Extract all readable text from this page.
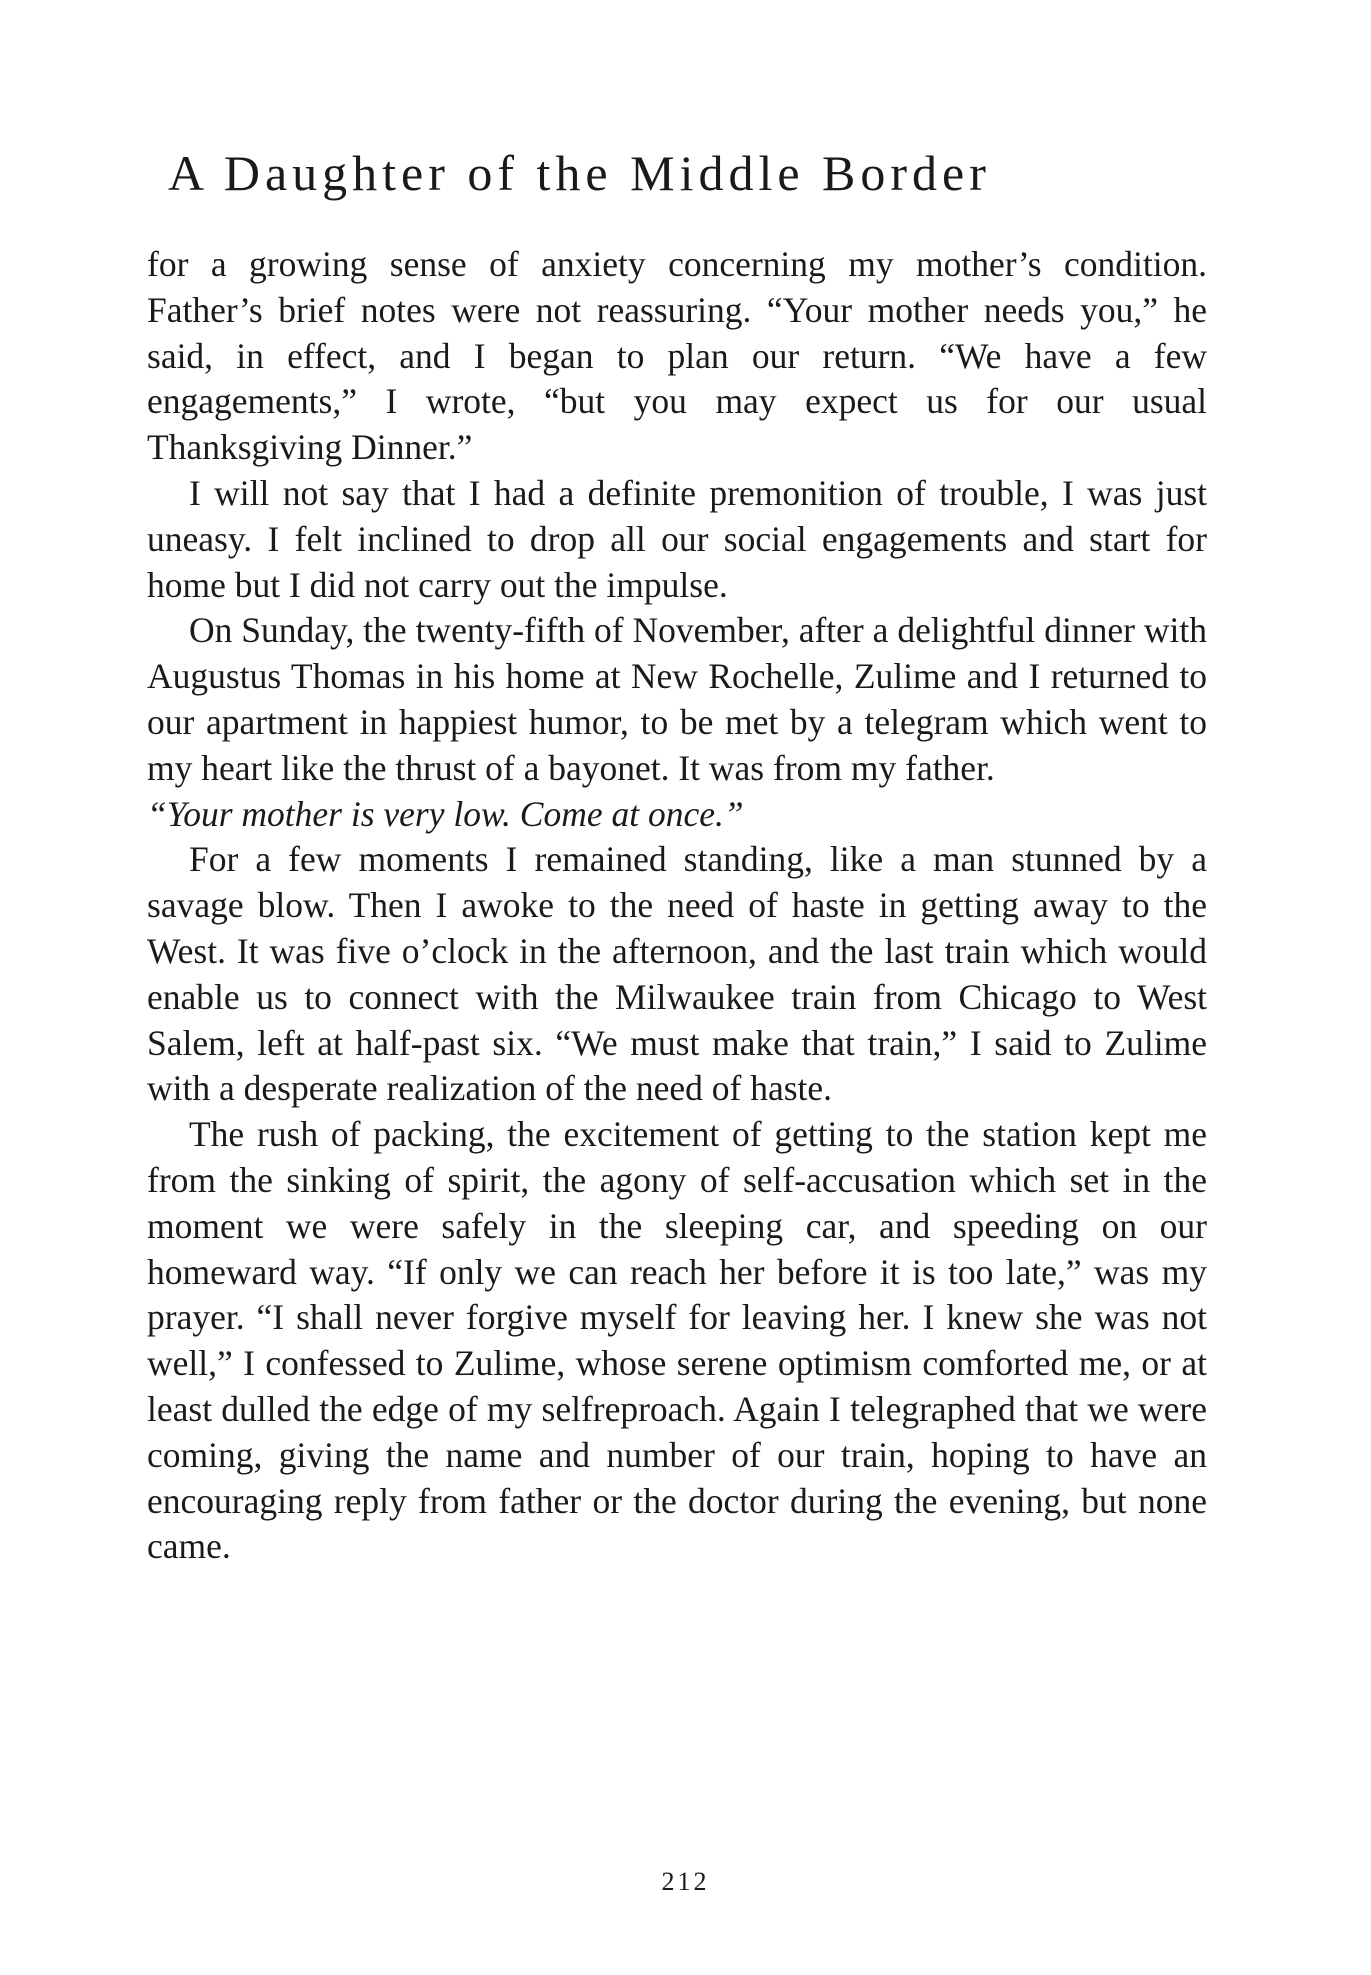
A Daughter of the Middle Border

for a growing sense of anxiety concerning my mother’s condition. Father’s brief notes were not reassuring. “Your mother needs you,” he said, in effect, and I began to plan our return. “We have a few engagements,” I wrote, “but you may expect us for our usual Thanksgiving Dinner.”

I will not say that I had a definite premonition of trouble, I was just uneasy. I felt inclined to drop all our social engagements and start for home but I did not carry out the impulse.

On Sunday, the twenty-fifth of November, after a delightful dinner with Augustus Thomas in his home at New Rochelle, Zulime and I returned to our apartment in happiest humor, to be met by a telegram which went to my heart like the thrust of a bayonet. It was from my father.

“Your mother is very low. Come at once.”

For a few moments I remained standing, like a man stunned by a savage blow. Then I awoke to the need of haste in getting away to the West. It was five o’clock in the afternoon, and the last train which would enable us to connect with the Milwaukee train from Chicago to West Salem, left at half-past six. “We must make that train,” I said to Zulime with a desperate realization of the need of haste.

The rush of packing, the excitement of getting to the station kept me from the sinking of spirit, the agony of self-accusation which set in the moment we were safely in the sleeping car, and speeding on our homeward way. “If only we can reach her before it is too late,” was my prayer. “I shall never forgive myself for leaving her. I knew she was not well,” I confessed to Zulime, whose serene optimism comforted me, or at least dulled the edge of my selfreproach. Again I telegraphed that we were coming, giving the name and number of our train, hoping to have an encouraging reply from father or the doctor during the evening, but none came.

212
